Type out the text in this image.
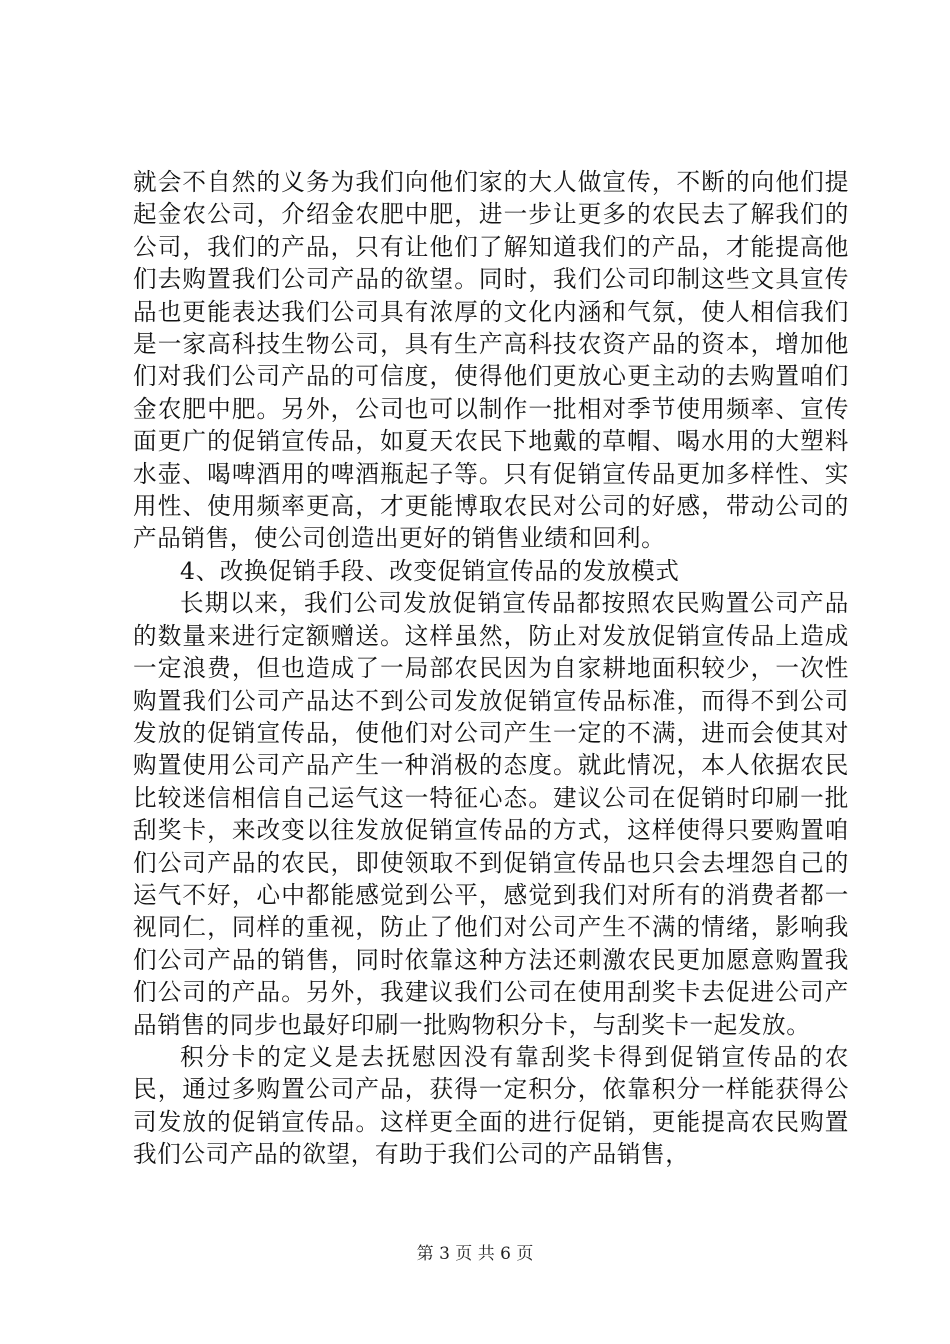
就会不自然的义务为我们向他们家的大人做宣传，不断的向他们提起金农公司，介绍金农肥中肥，进一步让更多的农民去了解我们的公司，我们的产品，只有让他们了解知道我们的产品，才能提高他们去购置我们公司产品的欲望。同时，我们公司印制这些文具宣传品也更能表达我们公司具有浓厚的文化内涵和气氛，使人相信我们是一家高科技生物公司，具有生产高科技农资产品的资本，增加他们对我们公司产品的可信度，使得他们更放心更主动的去购置咱们金农肥中肥。另外，公司也可以制作一批相对季节使用频率、宣传面更广的促销宣传品，如夏天农民下地戴的草帽、喝水用的大塑料水壶、喝啤酒用的啤酒瓶起子等。只有促销宣传品更加多样性、实用性、使用频率更高，才更能博取农民对公司的好感，带动公司的产品销售，使公司创造出更好的销售业绩和回利。

4、改换促销手段、改变促销宣传品的发放模式

长期以来，我们公司发放促销宣传品都按照农民购置公司产品的数量来进行定额赠送。这样虽然，防止对发放促销宣传品上造成一定浪费，但也造成了一局部农民因为自家耕地面积较少，一次性购置我们公司产品达不到公司发放促销宣传品标准，而得不到公司发放的促销宣传品，使他们对公司产生一定的不满，进而会使其对购置使用公司产品产生一种消极的态度。就此情况，本人依据农民比较迷信相信自己运气这一特征心态。建议公司在促销时印刷一批刮奖卡，来改变以往发放促销宣传品的方式，这样使得只要购置咱们公司产品的农民，即使领取不到促销宣传品也只会去埋怨自己的运气不好，心中都能感觉到公平，感觉到我们对所有的消费者都一视同仁，同样的重视，防止了他们对公司产生不满的情绪，影响我们公司产品的销售，同时依靠这种方法还刺激农民更加愿意购置我们公司的产品。另外，我建议我们公司在使用刮奖卡去促进公司产品销售的同步也最好印刷一批购物积分卡，与刮奖卡一起发放。

积分卡的定义是去抚慰因没有靠刮奖卡得到促销宣传品的农民，通过多购置公司产品，获得一定积分，依靠积分一样能获得公司发放的促销宣传品。这样更全面的进行促销，更能提高农民购置我们公司产品的欲望，有助于我们公司的产品销售，

第 3 页 共 6 页
